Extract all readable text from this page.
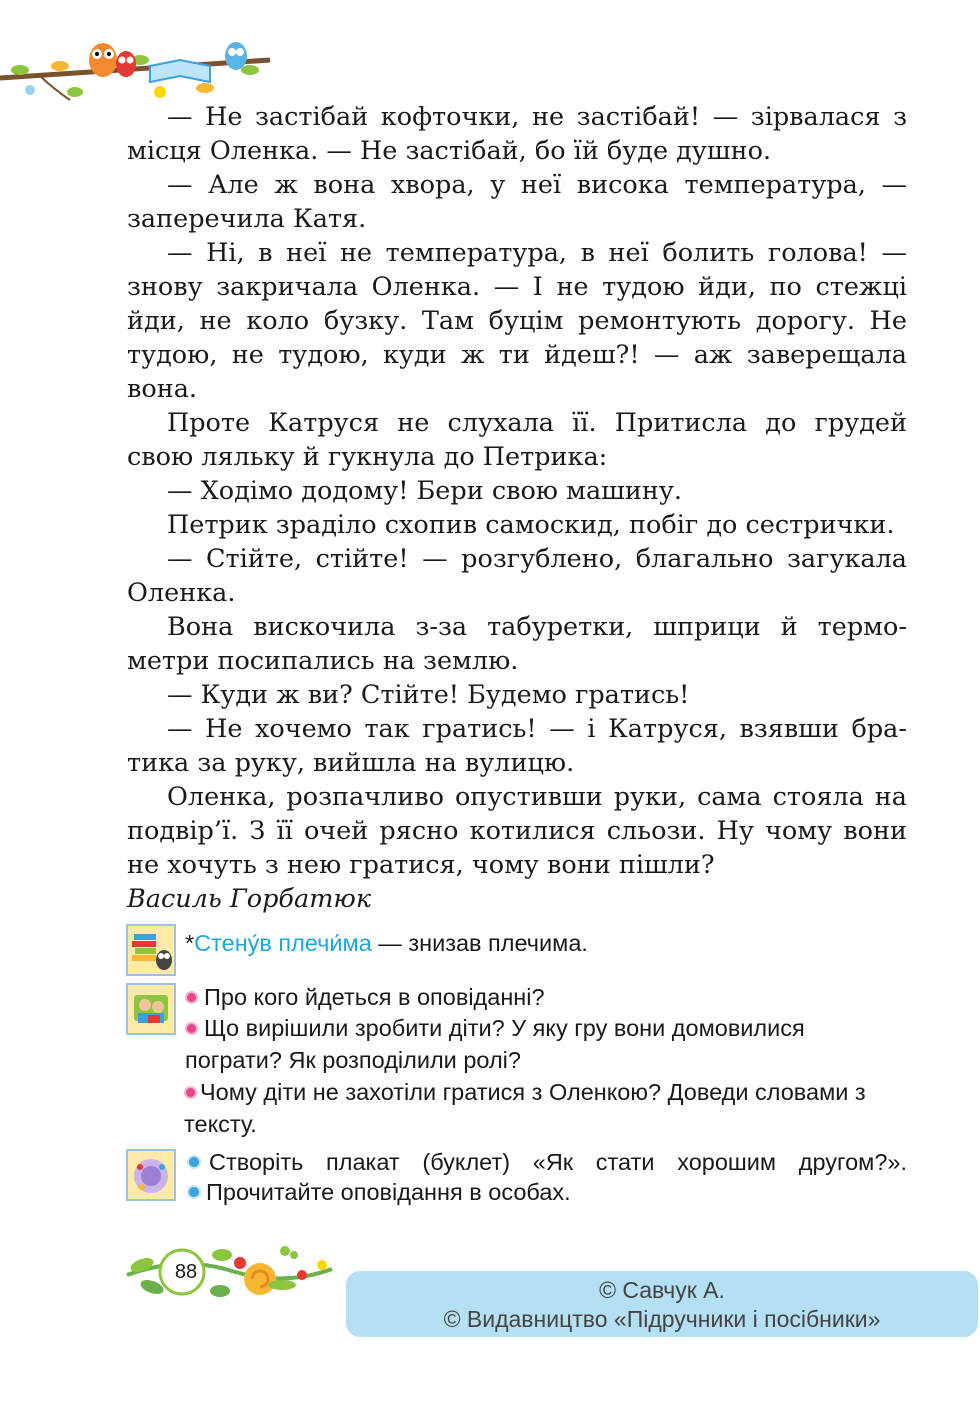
— Не застібай кофточки, не застібай! — зірвалася з місця Оленка. — Не застібай, бо їй буде душно.

— Але ж вона хвора, у неї висока температура, — заперечила Катя.

— Ні, в неї не температура, в неї болить голова! — знову закричала Оленка. — І не тудою йди, по стежці йди, не коло бузку. Там буцім ремонтують дорогу. Не тудою, не тудою, куди ж ти йдеш?! — аж заверещала вона.

Проте Катруся не слухала її. Притисла до грудей свою ляльку й гукнула до Петрика:

— Ходімо додому! Бери свою машину.

Петрик зраділо схопив самоскид, побіг до сестрички.

— Стійте, стійте! — розгублено, благально загукала Оленка.

Вона вискочила з-за табуретки, шприци й термометри посипались на землю.

— Куди ж ви? Стійте! Будемо гратись!

— Не хочемо так гратись! — і Катруся, взявши братика за руку, вийшла на вулицю.

Оленка, розпачливо опустивши руки, сама стояла на подвір’ї. З її очей рясно котилися сльози. Ну чому вони не хочуть з нею гратися, чому вони пішли?

Василь Горбатюк

*Стену́в плечи́ма — знизав плечима.
Про кого йдеться в оповіданні?
Що вирішили зробити діти? У яку гру вони домовилися пограти? Як розподілили ролі?
Чому діти не захотіли гратися з Оленкою? Доведи словами з тексту.
Створіть плакат (буклет) «Як стати хорошим другом?».
Прочитайте оповідання в особах.
88
© Савчук А.
© Видавництво «Підручники і посібники»
